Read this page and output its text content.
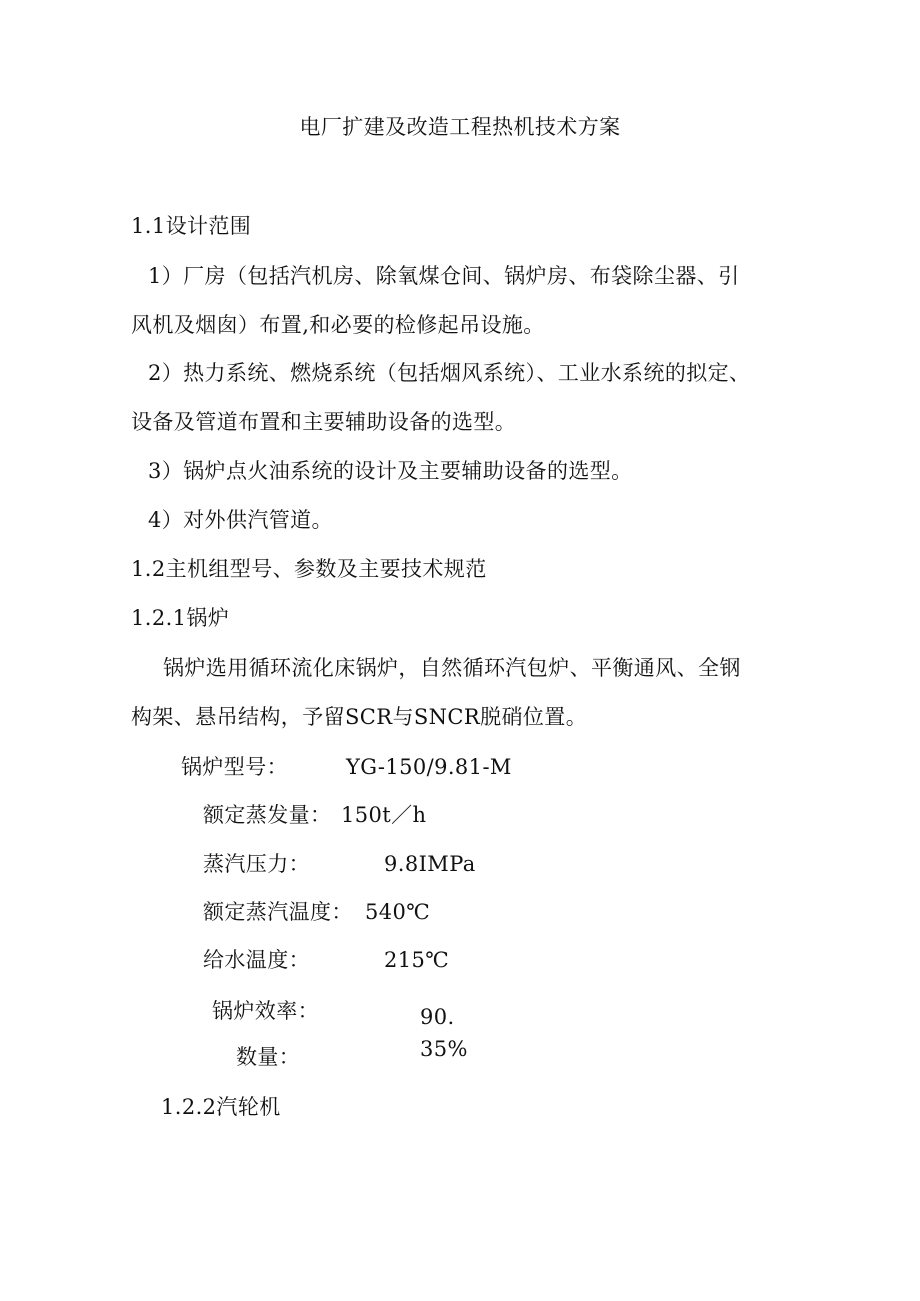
电厂扩建及改造工程热机技术方案
1.1设计范围
1）厂房（包括汽机房、除氧煤仓间、锅炉房、布袋除尘器、引
风机及烟囱）布置,和必要的检修起吊设施。
2）热力系统、燃烧系统（包括烟风系统）、工业水系统的拟定、
设备及管道布置和主要辅助设备的选型。
3）锅炉点火油系统的设计及主要辅助设备的选型。
4）对外供汽管道。
1.2主机组型号、参数及主要技术规范
1.2.1锅炉
锅炉选用循环流化床锅炉，自然循环汽包炉、平衡通风、全钢
构架、悬吊结构，予留SCR与SNCR脱硝位置。
锅炉型号：	YG-150/9.81-M
额定蒸发量： 150t／h
蒸汽压力：	9.8IMPa
额定蒸汽温度： 540℃
给水温度：	215℃
锅炉效率：	90.
35%
数量：
1.2.2汽轮机
